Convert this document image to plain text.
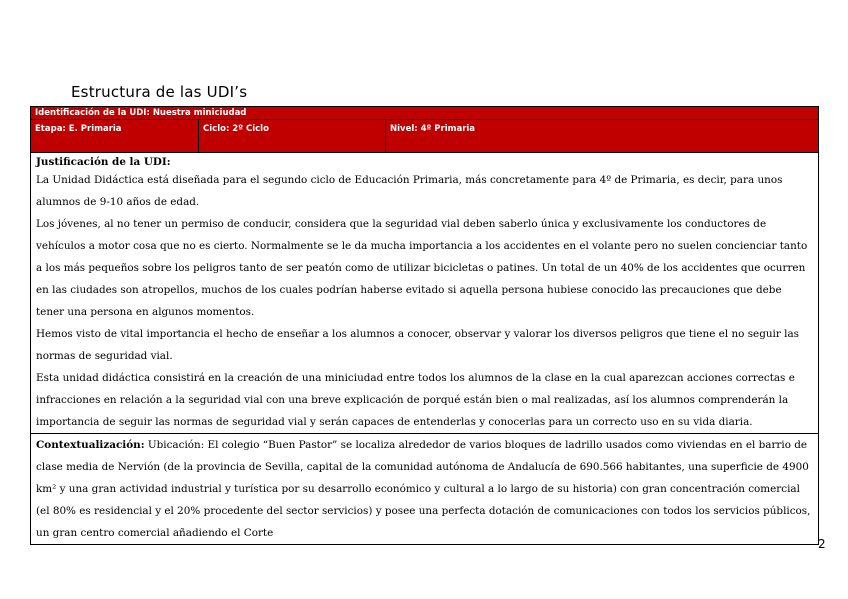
Estructura de las UDI’s
Identificación de la UDI: Nuestra miniciudad
Etapa: E. Primaria	Ciclo: 2º Ciclo	Nivel: 4º Primaria

Justificación de la UDI:

La Unidad Didáctica está diseñada para el segundo ciclo de Educación Primaria, más concretamente para 4º de Primaria, es decir, para unos alumnos de 9-10 años de edad.

Los jóvenes, al no tener un permiso de conducir, considera que la seguridad vial deben saberlo única y exclusivamente los conductores de vehículos a motor cosa que no es cierto. Normalmente se le da mucha importancia a los accidentes en el volante pero no suelen concienciar tanto a los más pequeños sobre los peligros tanto de ser peatón como de utilizar bicicletas o patines. Un total de un 40% de los accidentes que ocurren en las ciudades son atropellos, muchos de los cuales podrían haberse evitado si aquella persona hubiese conocido las precauciones que debe tener una persona en algunos momentos.

Hemos visto de vital importancia el hecho de enseñar a los alumnos a conocer, observar y valorar los diversos peligros que tiene el no seguir las normas de seguridad vial.

Esta unidad didáctica consistirá en la creación de una miniciudad entre todos los alumnos de la clase en la cual aparezcan acciones correctas e infracciones en relación a la seguridad vial con una breve explicación de porqué están bien o mal realizadas, así los alumnos comprenderán la importancia de seguir las normas de seguridad vial y serán capaces de entenderlas y conocerlas para un correcto uso en su vida diaria.

Contextualización: Ubicación: El colegio “Buen Pastor” se localiza alrededor de varios bloques de ladrillo usados como viviendas en el barrio de clase media de Nervión (de la provincia de Sevilla, capital de la comunidad autónoma de Andalucía de 690.566 habitantes, una superficie de 4900 km² y una gran actividad industrial y turística por su desarrollo económico y cultural a lo largo de su historia) con gran concentración comercial (el 80% es residencial y el 20% procedente del sector servicios) y posee una perfecta dotación de comunicaciones con todos los servicios públicos, un gran centro comercial añadiendo el Corte
2
